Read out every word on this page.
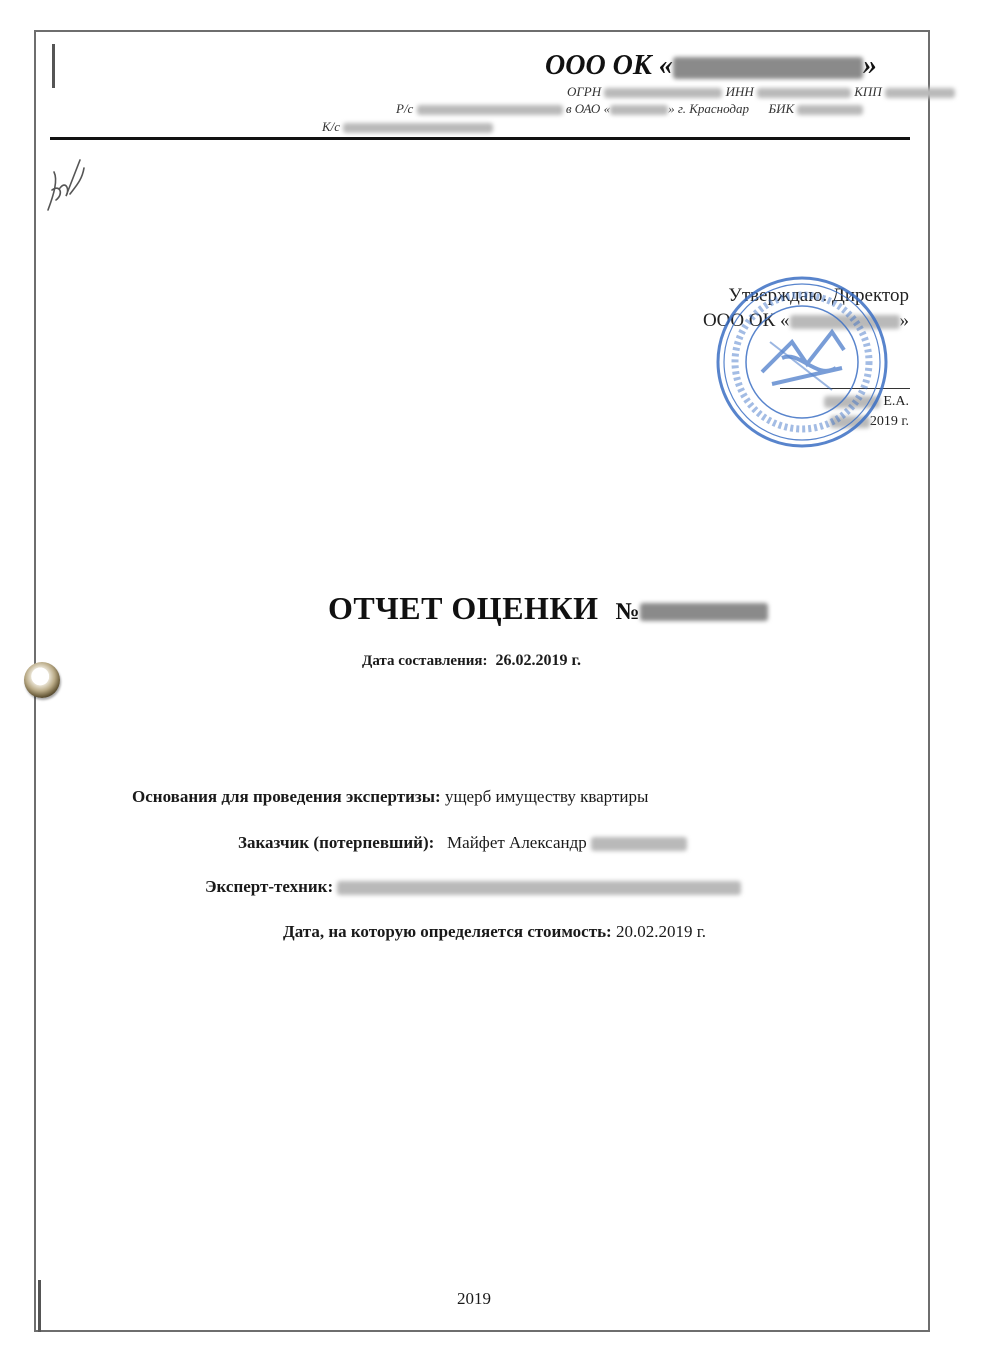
ООО ОК «	»
ОГРН	ИНН	КПП
Р/с	в ОАО «	» г. Краснодар БИК
К/с
Утверждаю. Директор
ООО ОК «	»
Е.А.
2019 г.
ОТЧЕТ ОЦЕНКИ №
Дата составления: 26.02.2019 г.
Основания для проведения экспертизы: ущерб имуществу квартиры
Заказчик (потерпевший): Майфет Александр
Эксперт-техник:
Дата, на которую определяется стоимость: 20.02.2019 г.
2019
